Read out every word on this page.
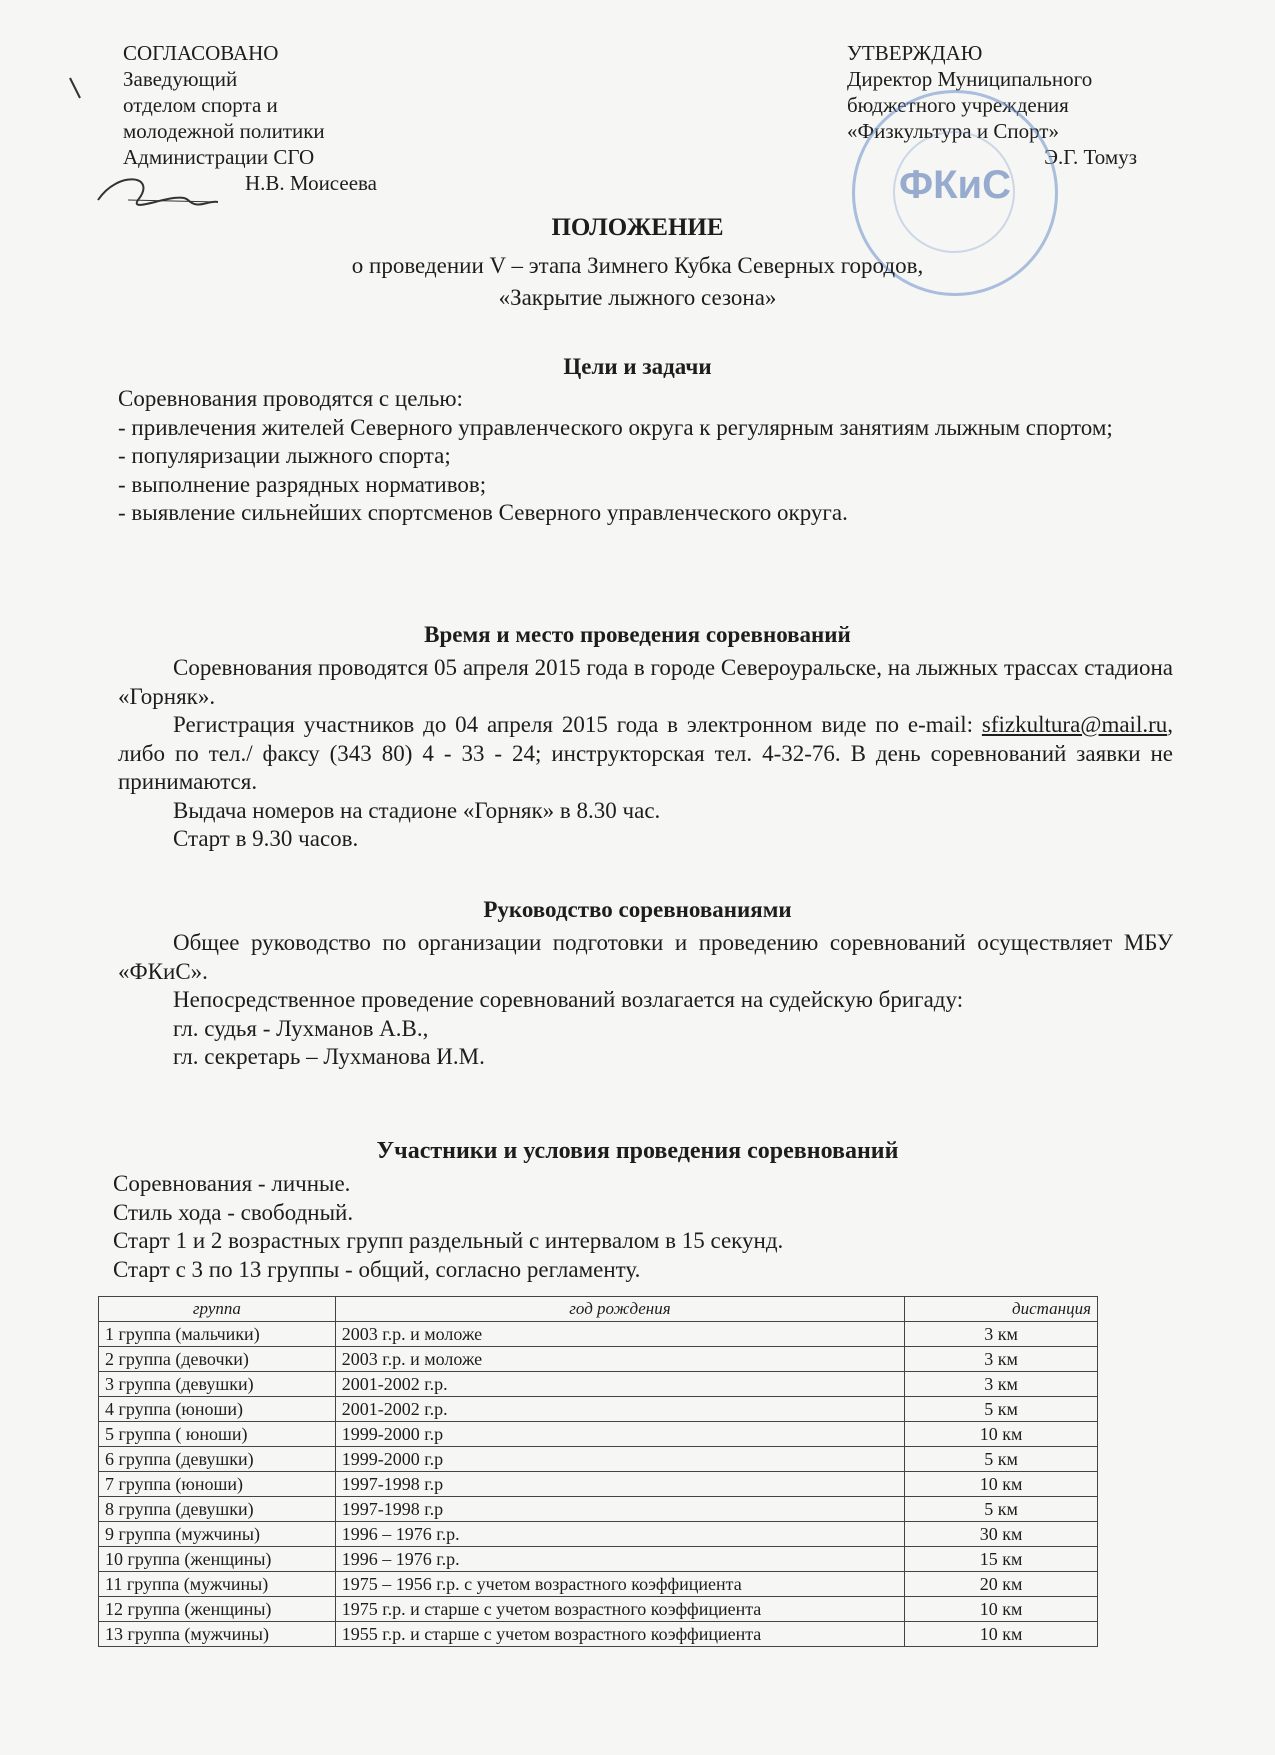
СОГЛАСОВАНО
Заведующий
отделом спорта и
молодежной политики
Администрации СГО
Н.В. Моисеева
УТВЕРЖДАЮ
Директор Муниципального
бюджетного учреждения
«Физкультура и Спорт»
Э.Г. Томуз
ФКиС
ПОЛОЖЕНИЕ
о проведении V – этапа Зимнего Кубка Северных городов,
«Закрытие лыжного сезона»
Цели и задачи
Соревнования проводятся с целью:
- привлечения жителей Северного управленческого округа к регулярным занятиям лыжным спортом;
- популяризации лыжного спорта;
- выполнение разрядных нормативов;
- выявление сильнейших спортсменов Северного управленческого округа.
Время и место проведения соревнований
Соревнования проводятся 05 апреля 2015 года в городе Североуральске, на лыжных трассах стадиона «Горняк».
Регистрация участников до 04 апреля 2015 года в электронном виде по e-mail: sfizkultura@mail.ru, либо по тел./ факсу (343 80) 4 - 33 - 24; инструкторская тел. 4-32-76. В день соревнований заявки не принимаются.
Выдача номеров на стадионе «Горняк» в 8.30 час.
Старт в 9.30 часов.
Руководство соревнованиями
Общее руководство по организации подготовки и проведению соревнований осуществляет МБУ «ФКиС».
Непосредственное проведение соревнований возлагается на судейскую бригаду:
гл. судья - Лухманов А.В.,
гл. секретарь – Лухманова И.М.
Участники и условия проведения соревнований
Соревнования - личные.
Стиль хода - свободный.
Старт 1 и 2 возрастных групп раздельный с интервалом в 15 секунд.
Старт с 3 по 13 группы - общий, согласно регламенту.
группа	год рождения	дистанция
1 группа (мальчики)	2003 г.р. и моложе	3 км
2 группа (девочки)	2003 г.р. и моложе	3 км
3 группа (девушки)	2001-2002 г.р.	3 км
4 группа (юноши)	2001-2002 г.р.	5 км
5 группа ( юноши)	1999-2000 г.р	10 км
6 группа (девушки)	1999-2000 г.р	5 км
7 группа (юноши)	1997-1998 г.р	10 км
8 группа (девушки)	1997-1998 г.р	5 км
9 группа (мужчины)	1996 – 1976 г.р.	30 км
10 группа (женщины)	1996 – 1976 г.р.	15 км
11 группа (мужчины)	1975 – 1956 г.р. с учетом возрастного коэффициента	20 км
12 группа (женщины)	1975 г.р. и старше с учетом возрастного коэффициента	10 км
13 группа (мужчины)	1955 г.р. и старше с учетом возрастного коэффициента	10 км
